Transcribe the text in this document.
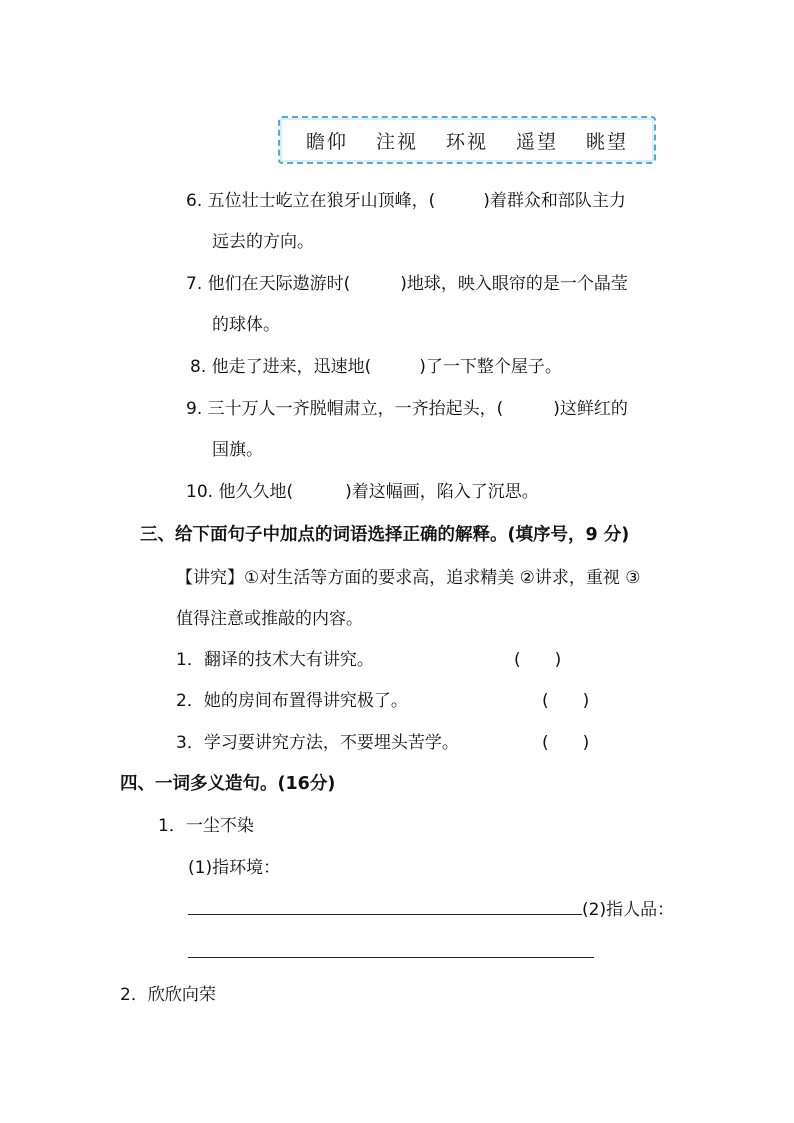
瞻仰 注视 环视 遥望 眺望
6. 五位壮士屹立在狼牙山顶峰，(	)着群众和部队主力
远去的方向。
7. 他们在天际遨游时(	)地球，映入眼帘的是一个晶莹
的球体。
8. 他走了进来，迅速地(	)了一下整个屋子。
9. 三十万人一齐脱帽肃立，一齐抬起头，(	)这鲜红的
国旗。
10. 他久久地(	)着这幅画，陷入了沉思。
三、给下面句子中加点的词语选择正确的解释。(填序号，9 分)
【讲究】①对生活等方面的要求高，追求精美 ②讲求，重视 ③
值得注意或推敲的内容。
1．翻译的技术大有讲究。	(　　)
2．她的房间布置得讲究极了。	(　　)
3．学习要讲究方法，不要埋头苦学。	(　　)
四、一词多义造句。(16分)
1．一尘不染
(1)指环境：
(2)指人品：
2．欣欣向荣
